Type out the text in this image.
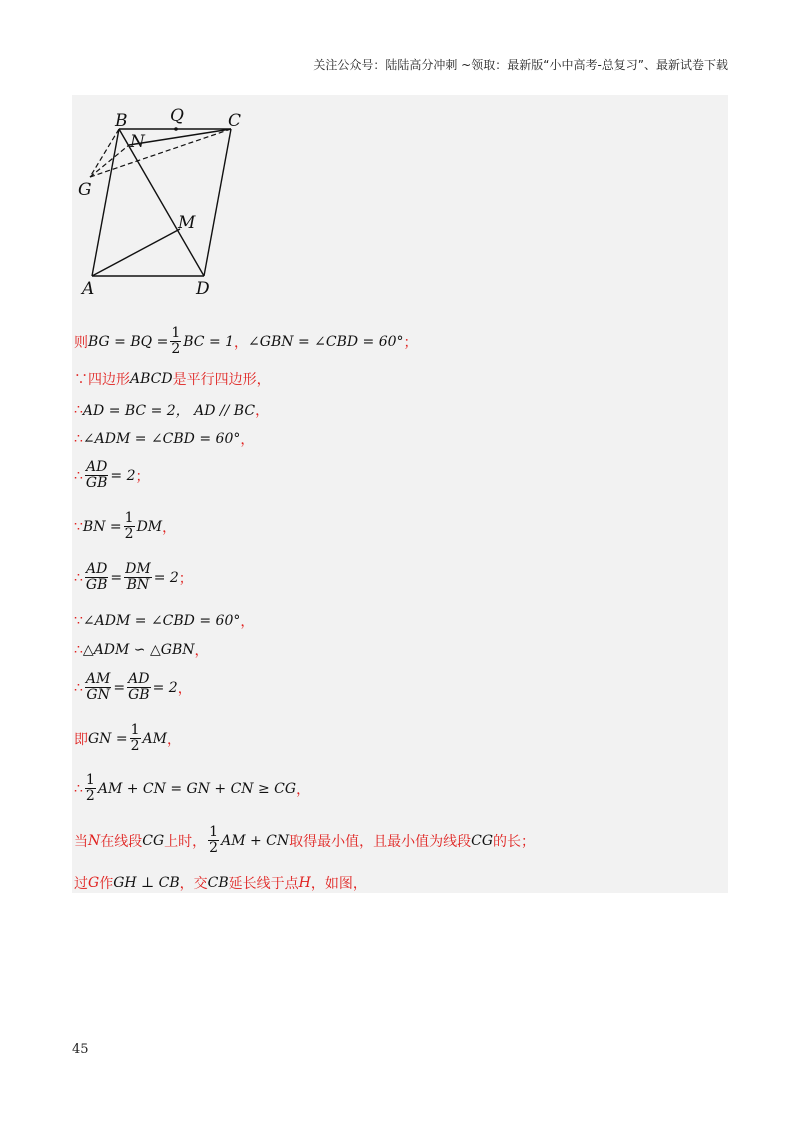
关注公众号：陆陆高分冲刺 ~领取：最新版“小中高考-总复习”、最新试卷下载
B	Q	C
N
G
M
A	D
则 BG = BQ = $\frac{1}{2}$ BC = 1 ， ∠GBN = ∠CBD = 60° ；
∵四边形 ABCD 是平行四边形，
∴ AD = BC = 2， AD // BC ，
∴ ∠ADM = ∠CBD = 60° ，
∴ $\frac{AD}{GB} = 2$ ；
∵ BN = $\frac{1}{2}$ DM ，
∴ $\frac{AD}{GB} = \frac{DM}{BN} = 2$ ；
∵ ∠ADM = ∠CBD = 60° ，
∴ △ADM ∽ △GBN ，
∴ $\frac{AM}{GN} = \frac{AD}{GB} = 2$ ，
即 GN = $\frac{1}{2}$ AM ，
∴ $\frac{1}{2}$ AM + CN = GN + CN ≥ CG ，
当 N 在线段 CG 上时， $\frac{1}{2}$ AM + CN 取得最小值，且最小值为线段 CG 的长；
过 G 作 GH ⊥ CB ，交 CB 延长线于点 H ，如图，
45
